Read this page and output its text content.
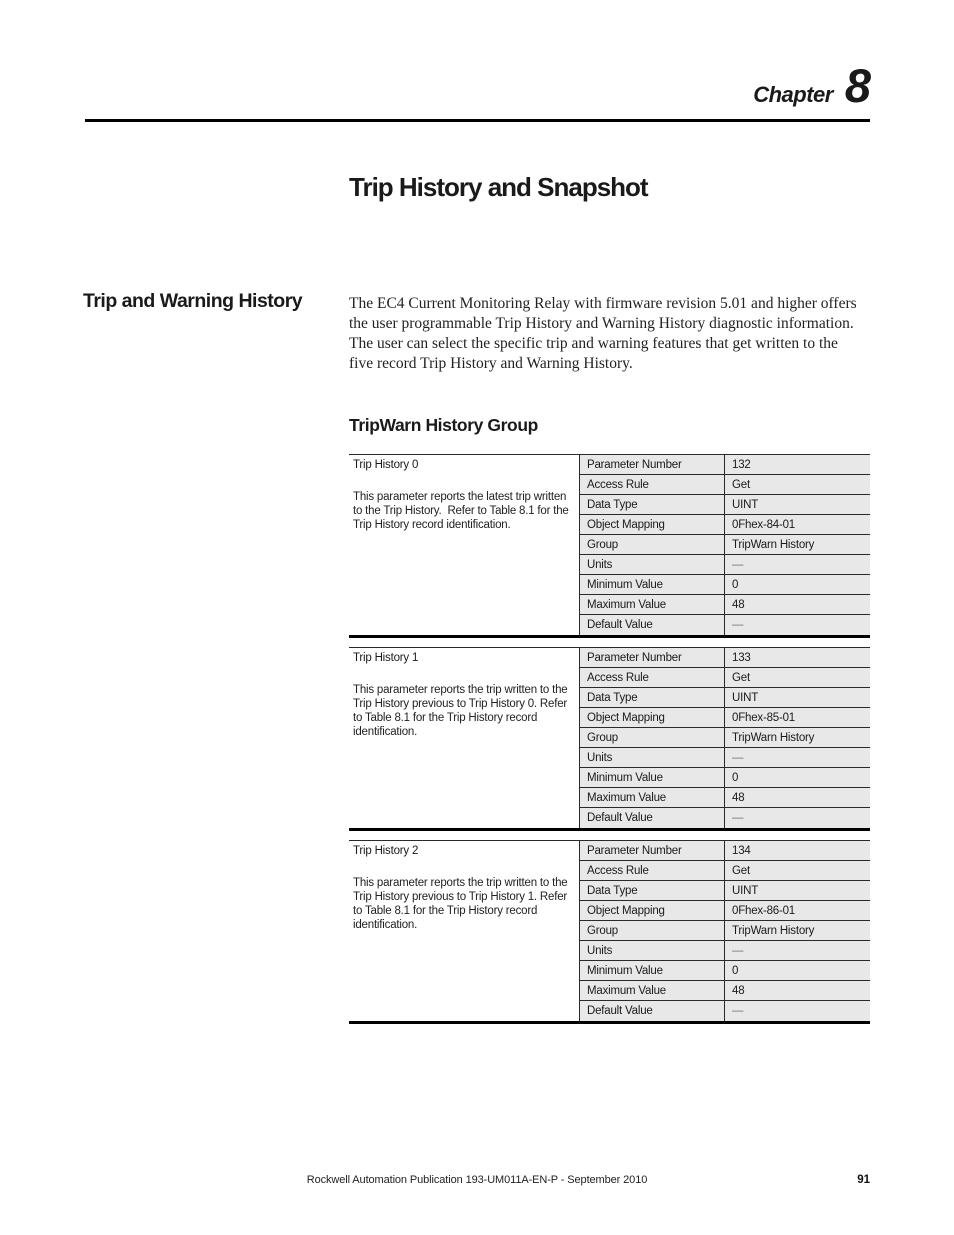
Chapter 8
Trip History and Snapshot
Trip and Warning History	The EC4 Current Monitoring Relay with firmware revision 5.01 and higher offers the user programmable Trip History and Warning History diagnostic information.  The user can select the specific trip and warning features that get written to the five record Trip History and Warning History.

TripWarn History Group

Trip History 0

This parameter reports the latest trip written to the Trip History.  Refer to Table 8.1 for the Trip History record identification.

Parameter Number	132
Access Rule	Get
Data Type	UINT
Object Mapping	0Fhex-84-01
Group	TripWarn History
Units	—
Minimum Value	0
Maximum Value	48
Default Value	—

Trip History 1

This parameter reports the trip written to the Trip History previous to Trip History 0. Refer to Table 8.1 for the Trip History record identification.

Parameter Number	133
Access Rule	Get
Data Type	UINT
Object Mapping	0Fhex-85-01
Group	TripWarn History
Units	—
Minimum Value	0
Maximum Value	48
Default Value	—

Trip History 2

This parameter reports the trip written to the Trip History previous to Trip History 1. Refer to Table 8.1 for the Trip History record identification.

Parameter Number	134
Access Rule	Get
Data Type	UINT
Object Mapping	0Fhex-86-01
Group	TripWarn History
Units	—
Minimum Value	0
Maximum Value	48
Default Value	—
Rockwell Automation Publication 193-UM011A-EN-P - September 2010	91
